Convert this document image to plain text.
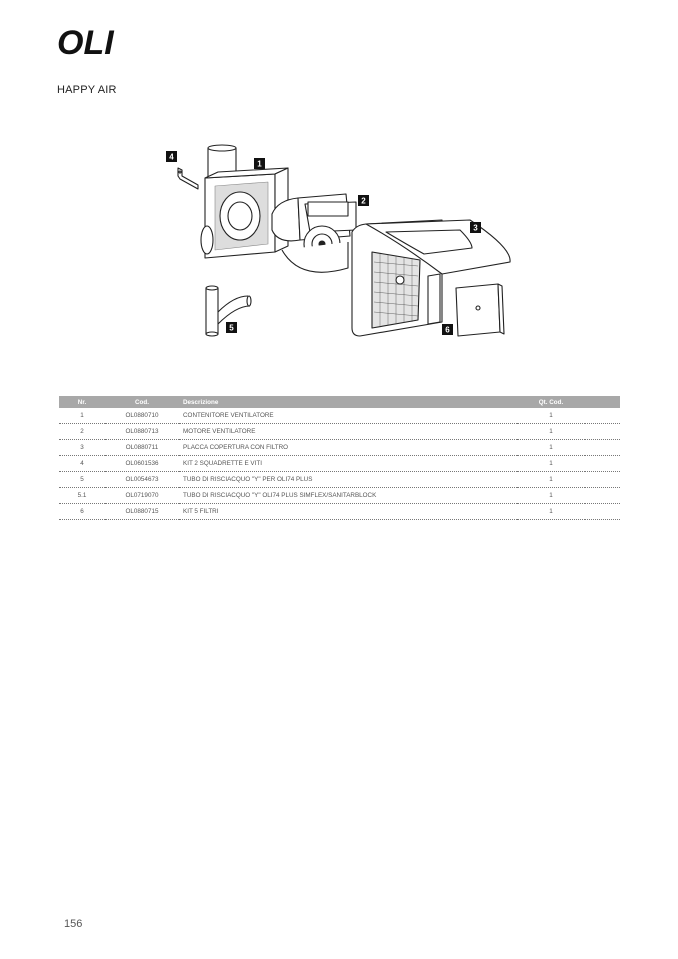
OLI
HAPPY AIR
4
1
2
3
5	6
Nr.	Cod.	Descrizione	Qt. Cod.	
1	OL0880710	CONTENITORE VENTILATORE	1	
2	OL0880713	MOTORE VENTILATORE	1	
3	OL0880711	PLACCA COPERTURA CON FILTRO	1	
4	OL0601536	KIT 2 SQUADRETTE E VITI	1	
5	OL0054673	TUBO DI RISCIACQUO "Y" PER OLI74 PLUS	1	
5.1	OL0719070	TUBO DI RISCIACQUO "Y" OLI74 PLUS SIMFLEX/SANITARBLOCK	1	
6	OL0880715	KIT 5 FILTRI	1	
156
